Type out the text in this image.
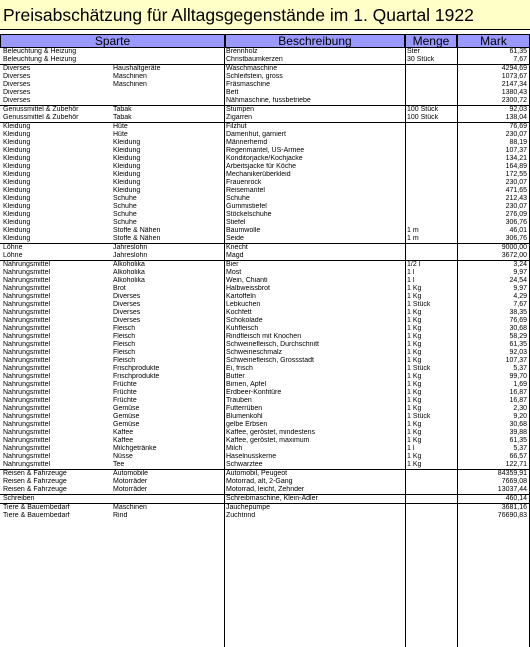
Preisabschätzung für Alltagsgegenstände im 1. Quartal 1922
Sparte	Beschreibung	Menge	Mark
Beleuchtung & Heizung	Brennholz	Ster	61,35
Beleuchtung & Heizung	Christbaumkerzen	30 Stück	7,67
Diverses	Haushaltgeräte	Waschmaschine	4294,69
Diverses	Maschinen	Schleifstein, gross	1073,67
Diverses	Maschinen	Fräsmaschine	2147,34
Diverses	Bett	1380,43
Diverses	Nähmaschine, fussbetriebe	2300,72
Genussmittel & Zubehör	Tabak	Stumpen	100 Stück	92,03
Genussmittel & Zubehör	Tabak	Zigarren	100 Stück	138,04
Kleidung	Hüte	Filzhut	76,69
Kleidung	Hüte	Damenhut, garniert	230,07
Kleidung	Kleidung	Männerhemd	88,19
Kleidung	Kleidung	Regenmantel, US-Armee	107,37
Kleidung	Kleidung	Konditorjacke/Kochjacke	134,21
Kleidung	Kleidung	Arbeitsjacke für Köche	164,89
Kleidung	Kleidung	Mechanikerüberkleid	172,55
Kleidung	Kleidung	Frauenrock	230,07
Kleidung	Kleidung	Reisemantel	471,65
Kleidung	Schuhe	Schuhe	212,43
Kleidung	Schuhe	Gummistiefel	230,07
Kleidung	Schuhe	Stöckelschuhe	276,09
Kleidung	Schuhe	Stiefel	306,76
Kleidung	Stoffe & Nähen	Baumwolle	1 m	46,01
Kleidung	Stoffe & Nähen	Seide	1 m	306,76
Löhne	Jahreslohn	Knecht	9000,00
Löhne	Jahreslohn	Magd	3672,00
Nahrungsmittel	Alkoholika	Bier	1/2 l	3,24
Nahrungsmittel	Alkoholika	Most	1 l	9,97
Nahrungsmittel	Alkoholika	Wein, Chianti	1 l	24,54
Nahrungsmittel	Brot	Halbweissbrot	1 Kg	9,97
Nahrungsmittel	Diverses	Kartoffeln	1 Kg	4,29
Nahrungsmittel	Diverses	Lebkuchen	1 Stück	7,67
Nahrungsmittel	Diverses	Kochfett	1 Kg	38,35
Nahrungsmittel	Diverses	Schokolade	1 Kg	76,69
Nahrungsmittel	Fleisch	Kuhfleisch	1 Kg	30,68
Nahrungsmittel	Fleisch	Rindfleisch mit Knochen	1 Kg	58,29
Nahrungsmittel	Fleisch	Schweinefleisch, Durchschnitt	1 Kg	61,35
Nahrungsmittel	Fleisch	Schweineschmalz	1 Kg	92,03
Nahrungsmittel	Fleisch	Schweinefleisch, Grossstadt	1 Kg	107,37
Nahrungsmittel	Frischprodukte	Ei, frisch	1 Stück	5,37
Nahrungsmittel	Frischprodukte	Butter	1 Kg	99,70
Nahrungsmittel	Früchte	Birnen, Äpfel	1 Kg	1,69
Nahrungsmittel	Früchte	Erdbeer-Konfitüre	1 Kg	16,87
Nahrungsmittel	Früchte	Trauben	1 Kg	16,87
Nahrungsmittel	Gemüse	Futterrüben	1 Kg	2,30
Nahrungsmittel	Gemüse	Blumenkohl	1 Stück	9,20
Nahrungsmittel	Gemüse	gelbe Erbsen	1 Kg	30,68
Nahrungsmittel	Kaffee	Kaffee, geröstet, mindestens	1 Kg	39,88
Nahrungsmittel	Kaffee	Kaffee, geröstet, maximum	1 Kg	61,35
Nahrungsmittel	Milchgetränke	Milch	1 l	5,37
Nahrungsmittel	Nüsse	Haselnusskerne	1 Kg	66,57
Nahrungsmittel	Tee	Schwarztee	1 Kg	122,71
Reisen & Fahrzeuge	Automobile	Automobil, Peugeot	84359,91
Reisen & Fahrzeuge	Motorräder	Motorrad, alt, 2-Gang	7669,08
Reisen & Fahrzeuge	Motorräder	Motorrad, leicht, Zehnder	13037,44
Schreiben	Schreibmaschine, Klein-Adler	460,14
Tiere & Bauernbedarf	Maschinen	Jauchepumpe	3681,16
Tiere & Bauernbedarf	Rind	Zuchtrind	76690,83
